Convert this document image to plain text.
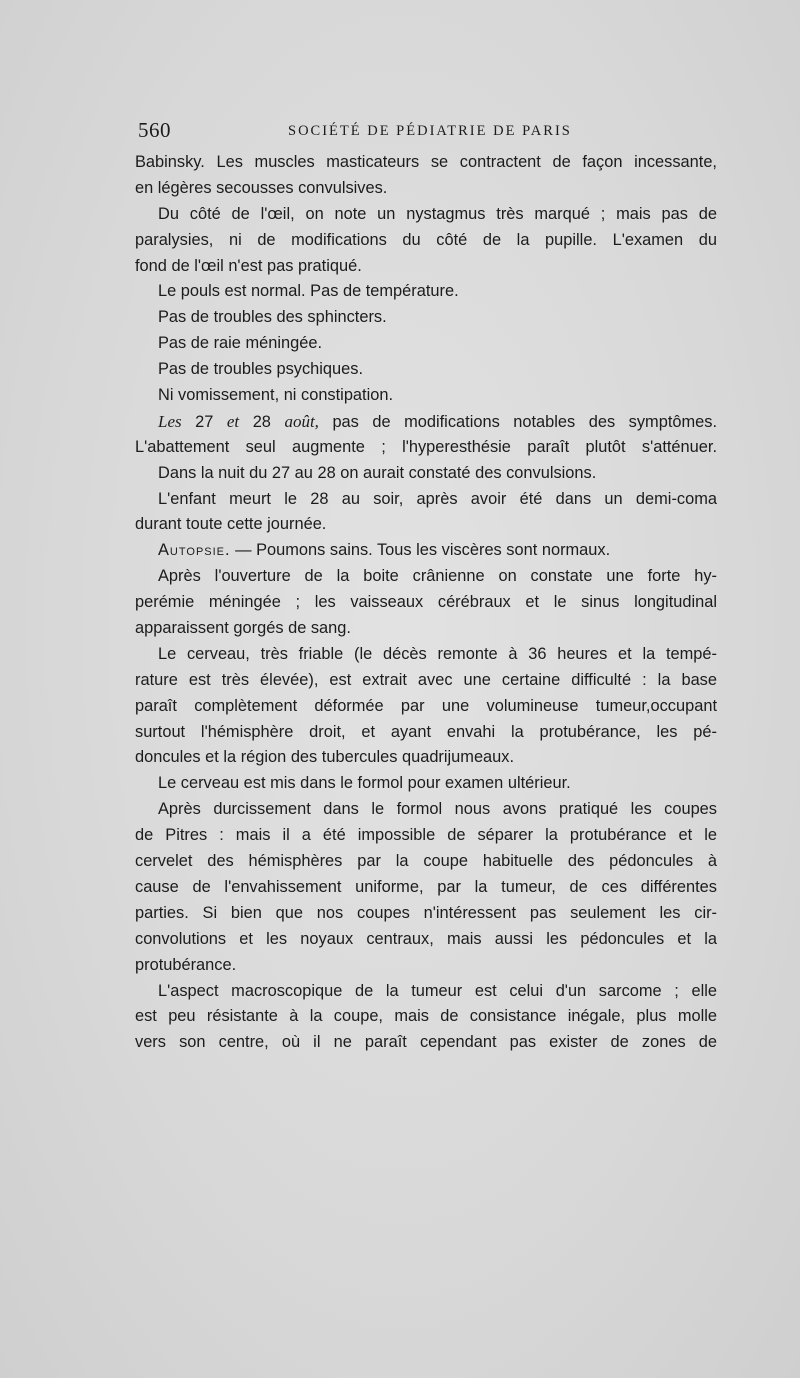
560	SOCIÉTÉ DE PÉDIATRIE DE PARIS
Babinsky. Les muscles masticateurs se contractent de façon incessante,
en légères secousses convulsives.
Du côté de l'œil, on note un nystagmus très marqué ; mais pas de
paralysies, ni de modifications du côté de la pupille. L'examen du
fond de l'œil n'est pas pratiqué.
Le pouls est normal. Pas de température.
Pas de troubles des sphincters.
Pas de raie méningée.
Pas de troubles psychiques.
Ni vomissement, ni constipation.
Les 27 et 28 août, pas de modifications notables des symptômes.
L'abattement seul augmente ; l'hyperesthésie paraît plutôt s'atténuer.
Dans la nuit du 27 au 28 on aurait constaté des convulsions.
L'enfant meurt le 28 au soir, après avoir été dans un demi-coma
durant toute cette journée.
Autopsie. — Poumons sains. Tous les viscères sont normaux.
Après l'ouverture de la boite crânienne on constate une forte hy-
perémie méningée ; les vaisseaux cérébraux et le sinus longitudinal
apparaissent gorgés de sang.
Le cerveau, très friable (le décès remonte à 36 heures et la tempé-
rature est très élevée), est extrait avec une certaine difficulté : la base
paraît complètement déformée par une volumineuse tumeur,occupant
surtout l'hémisphère droit, et ayant envahi la protubérance, les pé-
doncules et la région des tubercules quadrijumeaux.
Le cerveau est mis dans le formol pour examen ultérieur.
Après durcissement dans le formol nous avons pratiqué les coupes
de Pitres : mais il a été impossible de séparer la protubérance et le
cervelet des hémisphères par la coupe habituelle des pédoncules à
cause de l'envahissement uniforme, par la tumeur, de ces différentes
parties. Si bien que nos coupes n'intéressent pas seulement les cir-
convolutions et les noyaux centraux, mais aussi les pédoncules et la
protubérance.
L'aspect macroscopique de la tumeur est celui d'un sarcome ; elle
est peu résistante à la coupe, mais de consistance inégale, plus molle
vers son centre, où il ne paraît cependant pas exister de zones de
